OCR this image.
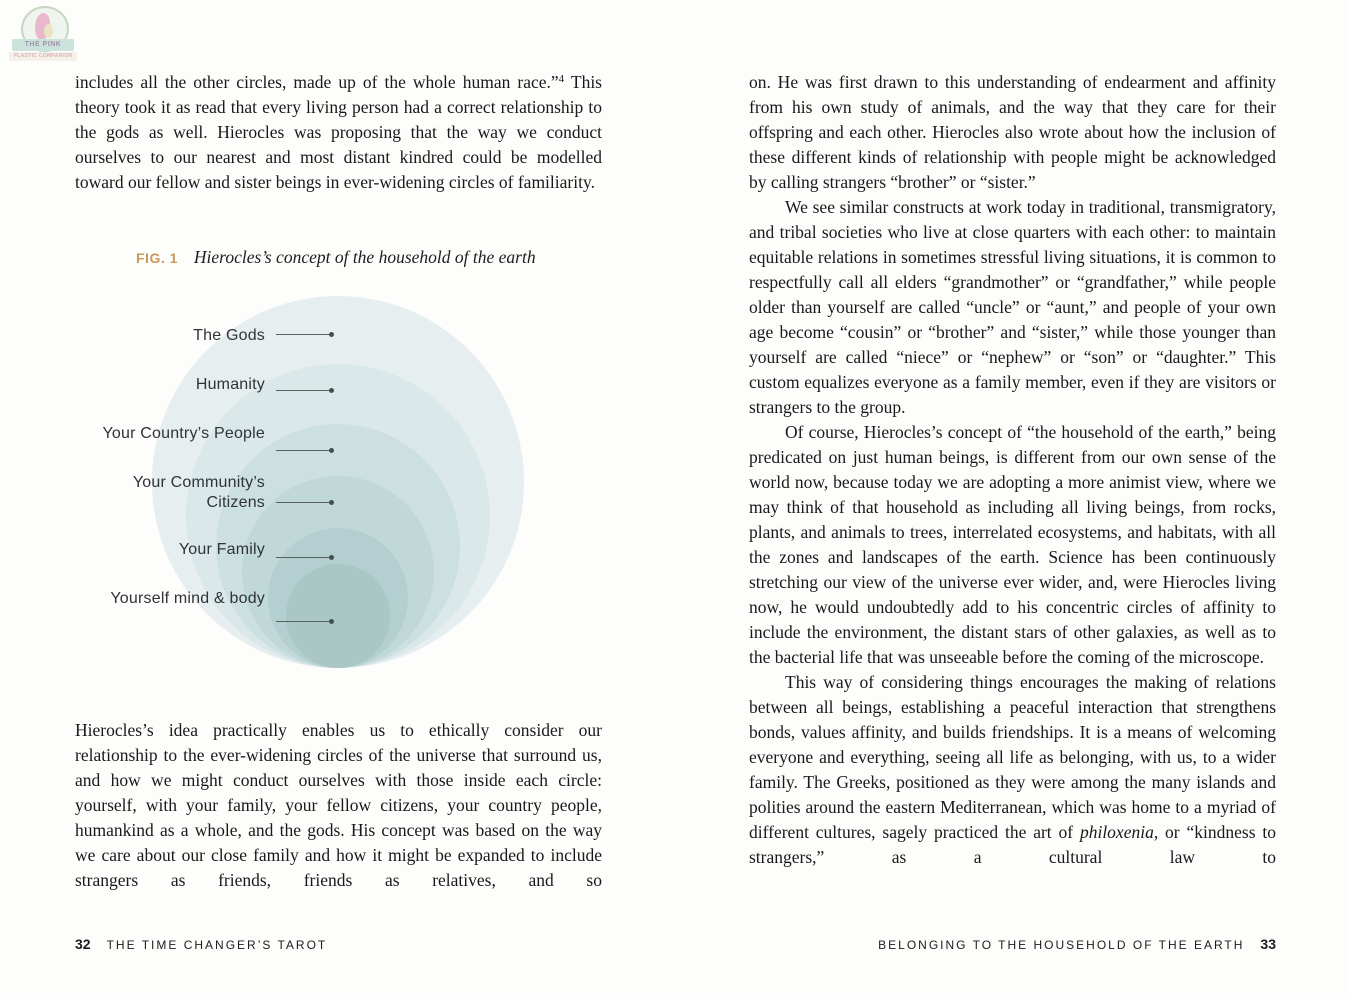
THE PINK
PLASTIC COMPANION

includes all the other circles, made up of the whole human race.”$^4$ This theory took it as read that every living person had a correct relationship to the gods as well. Hierocles was proposing that the way we conduct ourselves to our nearest and most distant kindred could be modelled toward our fellow and sister beings in ever-widening circles of familiarity.

FIG. 1 Hierocles’s concept of the household of the earth
The Gods
Humanity
Your Country’s People
Your Community’s Citizens
Your Family
Yourself mind & body

Hierocles’s idea practically enables us to ethically consider our relationship to the ever-widening circles of the universe that surround us, and how we might conduct ourselves with those inside each circle: yourself, with your family, your fellow citizens, your country people, humankind as a whole, and the gods. His concept was based on the way we care about our close family and how it might be expanded to include strangers as friends, friends as relatives, and so

on. He was first drawn to this understanding of endearment and affinity from his own study of animals, and the way that they care for their offspring and each other. Hierocles also wrote about how the inclusion of these different kinds of relationship with people might be acknowledged by calling strangers “brother” or “sister.”

We see similar constructs at work today in traditional, transmigratory, and tribal societies who live at close quarters with each other: to maintain equitable relations in sometimes stressful living situations, it is common to respectfully call all elders “grandmother” or “grandfather,” while people older than yourself are called “uncle” or “aunt,” and people of your own age become “cousin” or “brother” and “sister,” while those younger than yourself are called “niece” or “nephew” or “son” or “daughter.” This custom equalizes everyone as a family member, even if they are visitors or strangers to the group.

Of course, Hierocles’s concept of “the household of the earth,” being predicated on just human beings, is different from our own sense of the world now, because today we are adopting a more animist view, where we may think of that household as including all living beings, from rocks, plants, and animals to trees, interrelated ecosystems, and habitats, with all the zones and landscapes of the earth. Science has been continuously stretching our view of the universe ever wider, and, were Hierocles living now, he would undoubtedly add to his concentric circles of affinity to include the environment, the distant stars of other galaxies, as well as to the bacterial life that was unseeable before the coming of the microscope.

This way of considering things encourages the making of relations between all beings, establishing a peaceful interaction that strengthens bonds, values affinity, and builds friendships. It is a means of welcoming everyone and everything, seeing all life as belonging, with us, to a wider family. The Greeks, positioned as they were among the many islands and polities around the eastern Mediterranean, which was home to a myriad of different cultures, sagely practiced the art of philoxenia, or “kindness to strangers,” as a cultural law to

32 THE TIME CHANGER’S TAROT	BELONGING TO THE HOUSEHOLD OF THE EARTH 33
